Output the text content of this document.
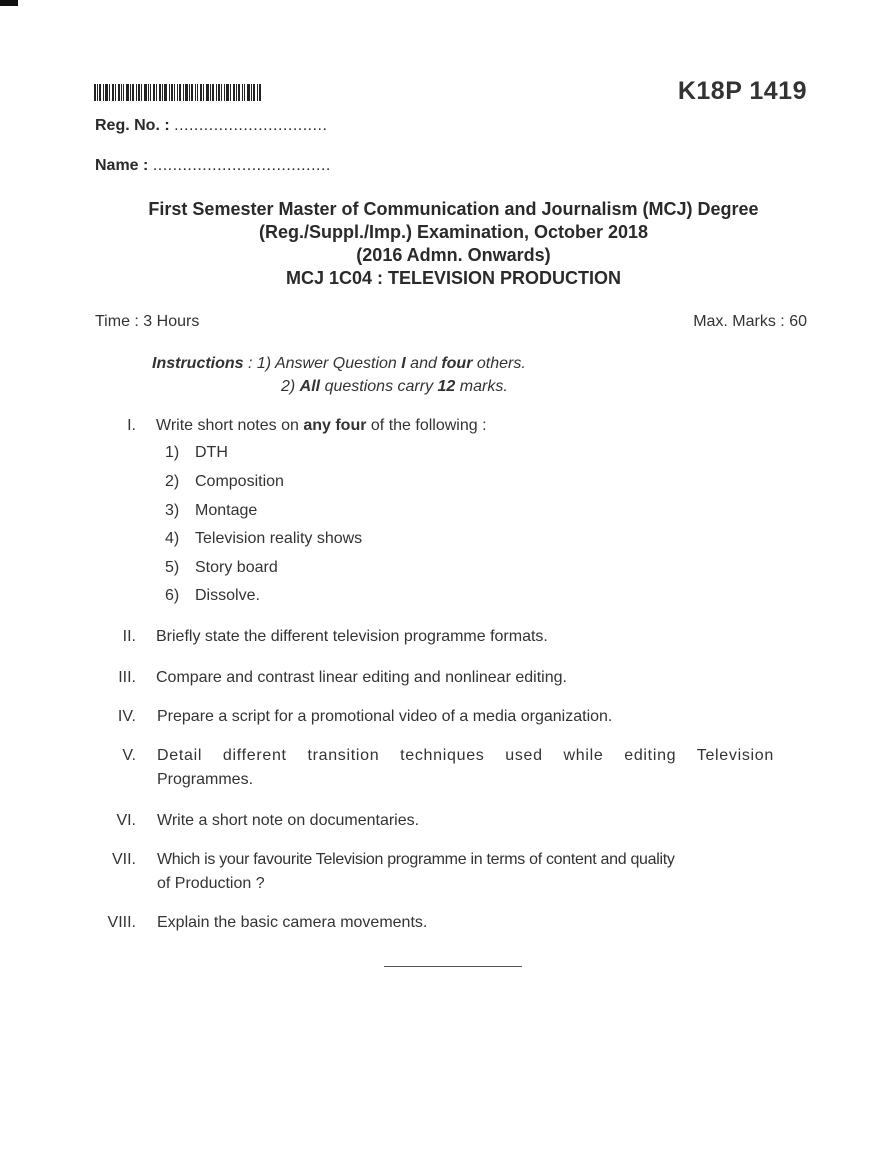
K18P 1419
Reg. No. : ...............................
Name : ....................................
First Semester Master of Communication and Journalism (MCJ) Degree
(Reg./Suppl./Imp.) Examination, October 2018
(2016 Admn. Onwards)
MCJ 1C04 : TELEVISION PRODUCTION
Time : 3 Hours	Max. Marks : 60
Instructions : 1) Answer Question I and four others.
2) All questions carry 12 marks.
I. Write short notes on any four of the following :
1) DTH
2) Composition
3) Montage
4) Television reality shows
5) Story board
6) Dissolve.
II. Briefly state the different television programme formats.
III. Compare and contrast linear editing and nonlinear editing.
IV. Prepare a script for a promotional video of a media organization.
V. Detail different transition techniques used while editing Television
Programmes.
VI. Write a short note on documentaries.
VII. Which is your favourite Television programme in terms of content and quality
of Production ?
VIII. Explain the basic camera movements.
